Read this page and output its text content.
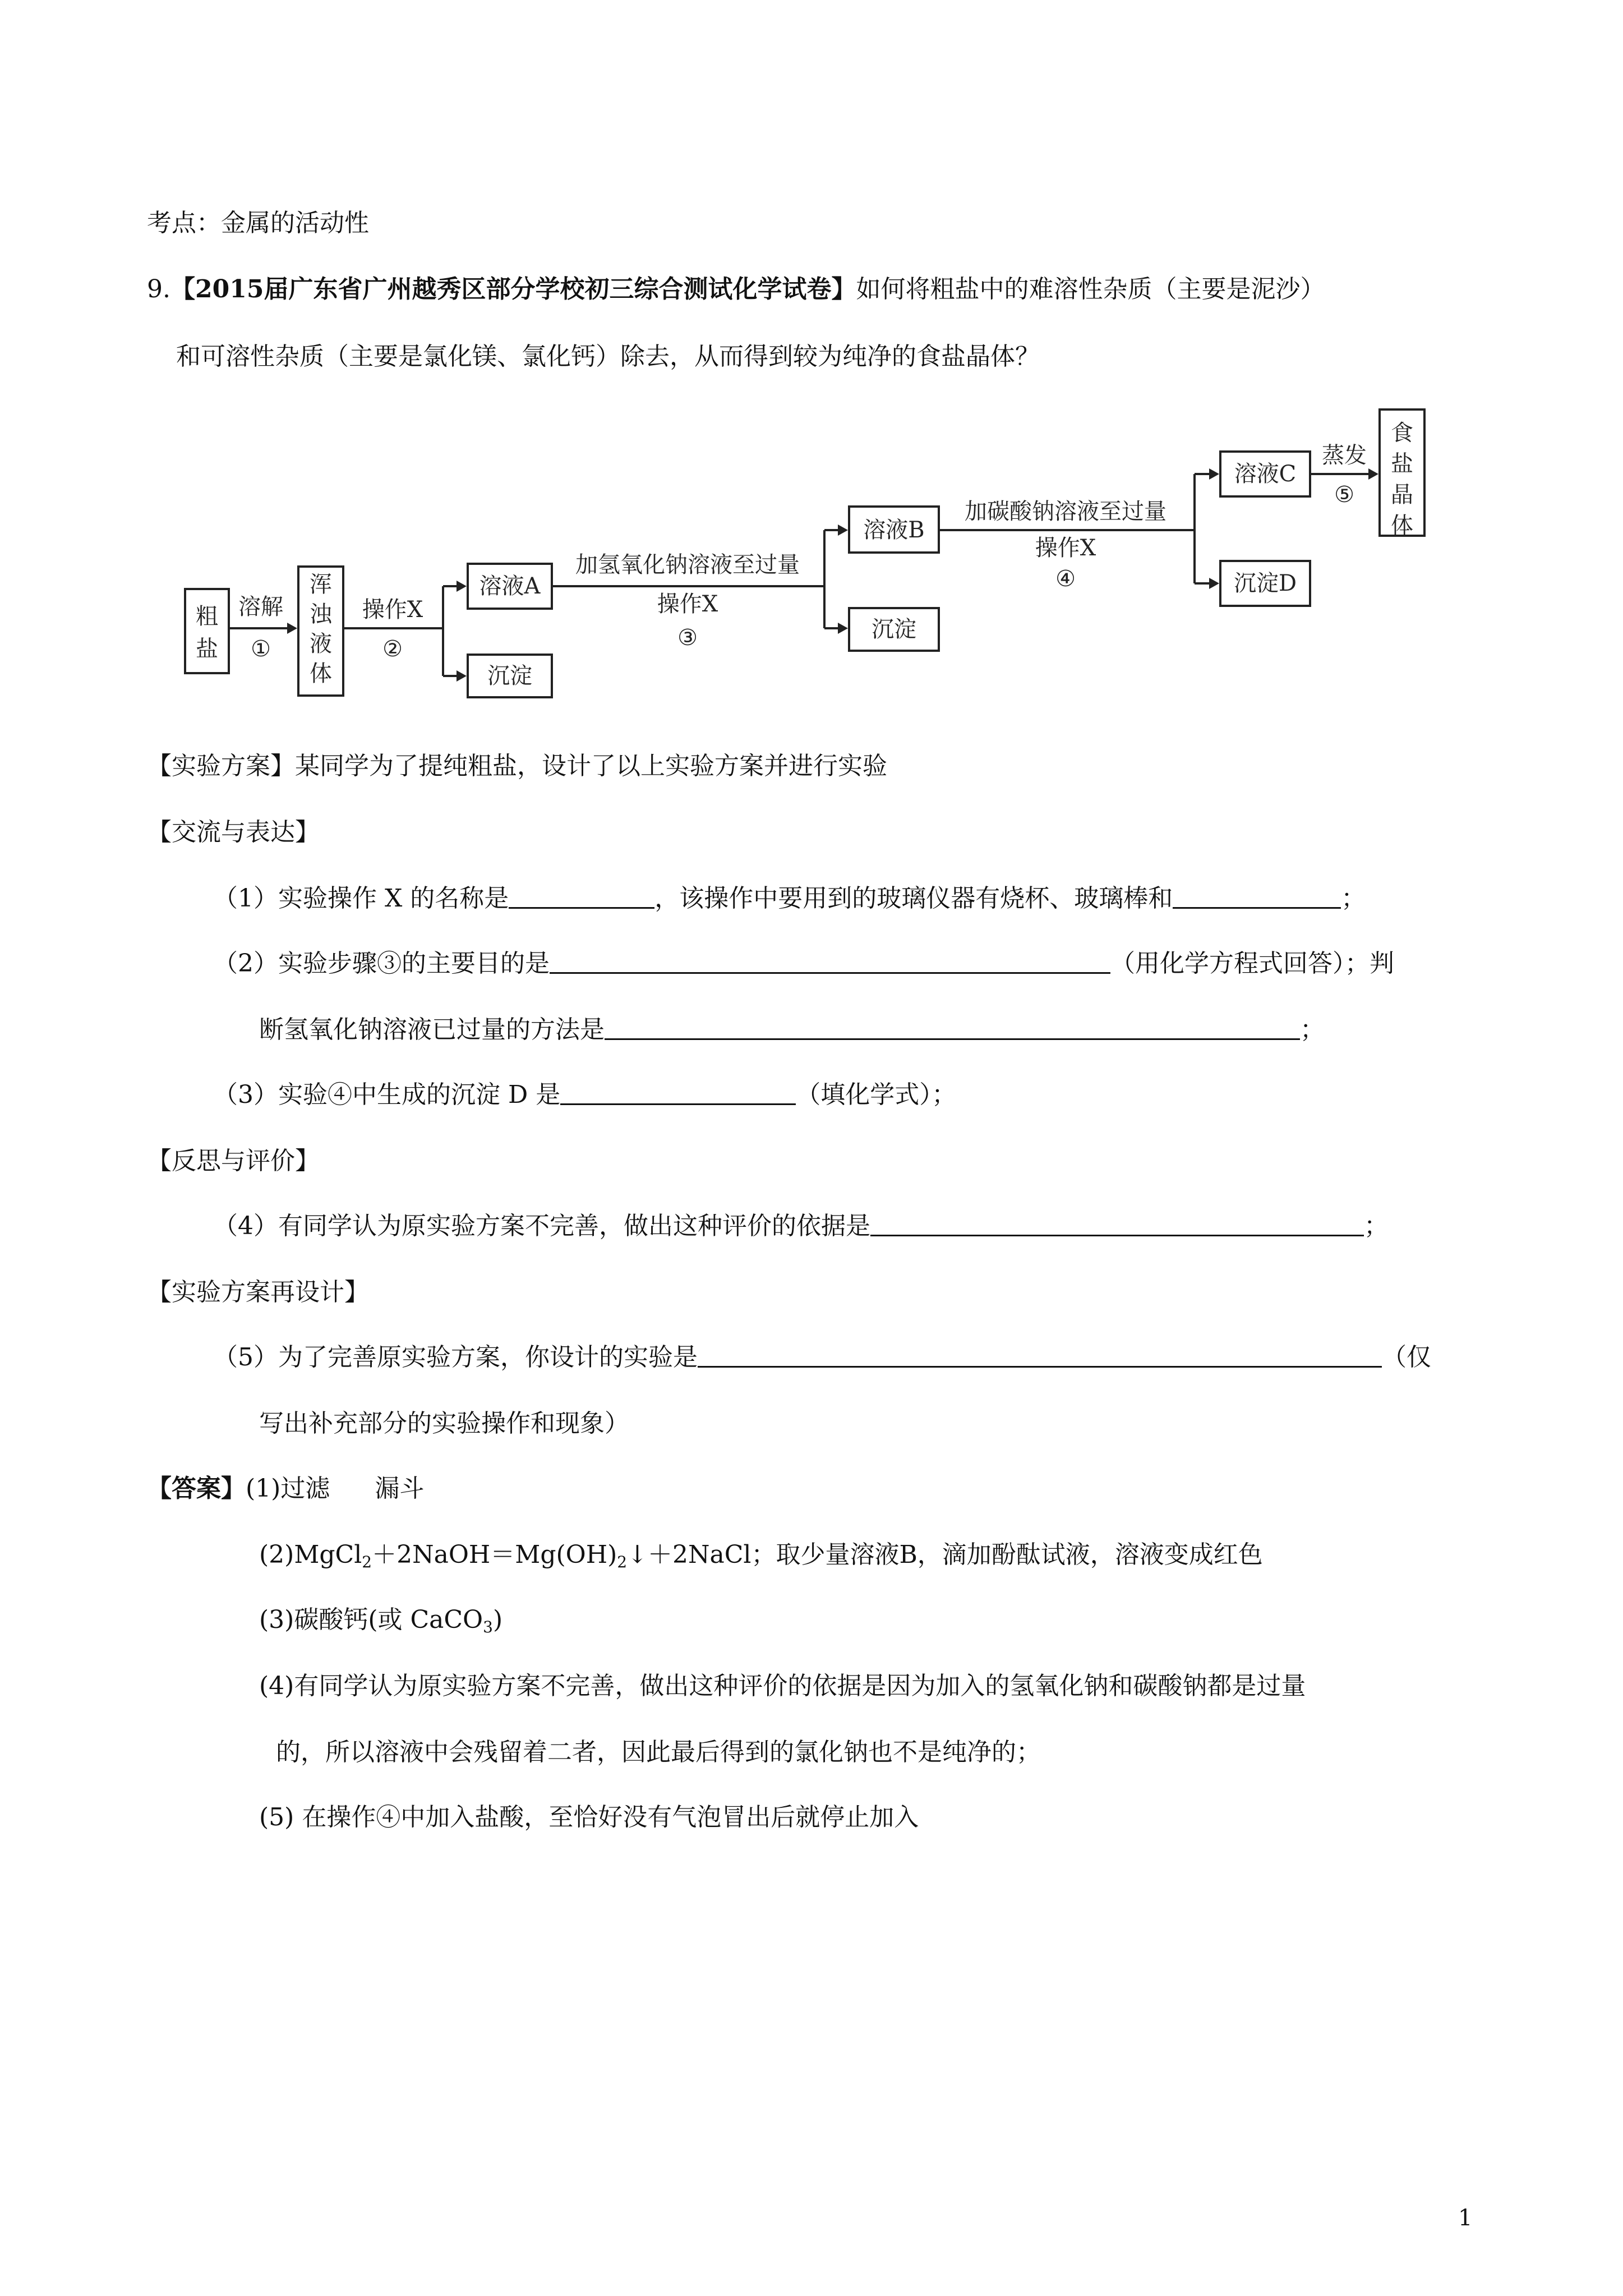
考点：金属的活动性
9.【2015届广东省广州越秀区部分学校初三综合测试化学试卷】如何将粗盐中的难溶性杂质（主要是泥沙）
和可溶性杂质（主要是氯化镁、氯化钙）除去，从而得到较为纯净的食盐晶体？
粗盐
溶解
①
浑浊液体
操作X
②
溶液A
沉淀
加氢氧化钠溶液至过量
操作X
③
溶液B
沉淀
加碳酸钠溶液至过量
操作X
④
溶液C
沉淀D
蒸发
⑤
食盐晶体
【实验方案】某同学为了提纯粗盐，设计了以上实验方案并进行实验
【交流与表达】
（1）实验操作 X 的名称是	，该操作中要用到的玻璃仪器有烧杯、玻璃棒和	；
（2）实验步骤③的主要目的是	（用化学方程式回答）；判
断氢氧化钠溶液已过量的方法是	；
（3）实验④中生成的沉淀 D 是	（填化学式）；
【反思与评价】
（4）有同学认为原实验方案不完善，做出这种评价的依据是	；
【实验方案再设计】
（5）为了完善原实验方案，你设计的实验是	（仅
写出补充部分的实验操作和现象）
【答案】(1)过滤 漏斗
$(2)MgCl_2+2NaOH=Mg(OH)_2↓+2NaCl$；取少量溶液B，滴加酚酞试液，溶液变成红色
(3)碳酸钙(或 CaCO$_3$)
(4)有同学认为原实验方案不完善，做出这种评价的依据是因为加入的氢氧化钠和碳酸钠都是过量
的，所以溶液中会残留着二者，因此最后得到的氯化钠也不是纯净的；
(5) 在操作④中加入盐酸，至恰好没有气泡冒出后就停止加入
1
